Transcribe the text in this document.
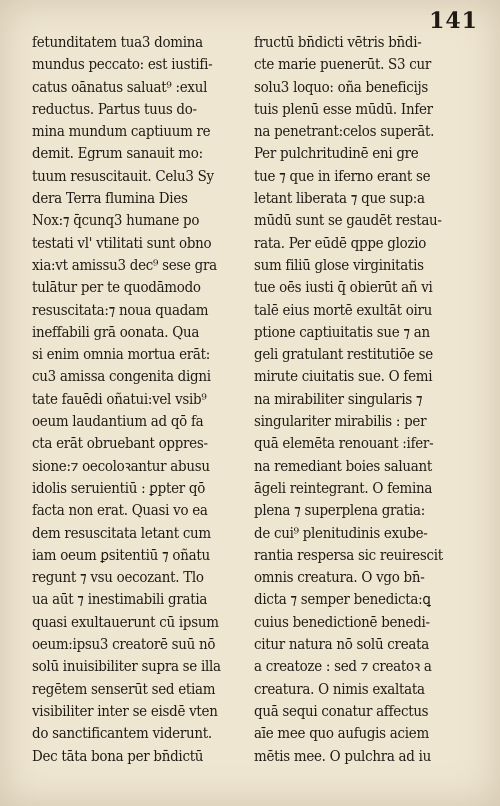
141
fetunditatem tua3 domina
mundus peccato: est iustifi-
catus oānatus saluat⁹ :exul
reductus. Partus tuus do-
mina mundum captiuum re
demit. Egrum sanauit mo:
tuum resuscitauit. Celu3 Sy
dera Terra flumina Dies
Nox:⁊ q̄cunq3 humane po
testati vl' vtilitati sunt obno
xia:vt amissu3 dec⁹ sese gra
tulātur per te quodāmodo
resuscitata:⁊ noua quadam
ineffabili grā oonata. Qua
si enim omnia mortua erāt:
cu3 amissa congenita digni
tate fauēdi oñatui:vel vsib⁹
oeum laudantium ad qō fa
cta erāt obruebant oppres-
sione:⁊ oecoloꝛantur abusu
idolis seruientiū : ꝑpter qō
facta non erat. Quasi vo ea
dem resuscitata letant cum
iam oeum ꝑsitentiū ⁊ oñatu
regunt ⁊ vsu oecozant. Tlo
ua aūt ⁊ inestimabili gratia
quasi exultauerunt cū ipsum
oeum:ipsu3 creatorē suū nō
solū inuisibiliter supra se illa
regētem senserūt sed etiam
visibiliter inter se eisdē vten
do sanctificantem viderunt.
Dec tāta bona per bn̄dictū
fructū bn̄dicti vētris bn̄di-
cte marie puenerūt. S3 cur
solu3 loquo: oña beneficijs
tuis plenū esse mūdū. Infer
na penetrant:celos superāt.
Per pulchritudinē eni gre
tue ⁊ que in iferno erant se
letant liberata ⁊ que sup:a
mūdū sunt se gaudēt restau-
rata. Per eūdē qppe glozio
sum filiū glose virginitatis
tue oēs iusti q̄ obierūt añ vi
talē eius mortē exultāt oiru
ptione captiuitatis sue ⁊ an
geli gratulant restitutiōe se
mirute ciuitatis sue. O femi
na mirabiliter singularis ⁊
singulariter mirabilis : per
quā elemēta renouant :ifer-
na remediant boies saluant
āgeli reintegrant. O femina
plena ⁊ superplena gratia:
de cui⁹ plenitudinis exube-
rantia respersa sic reuirescit
omnis creatura. O vgo bn̄-
dicta ⁊ semper benedicta:ꝗ
cuius benedictionē benedi-
citur natura nō solū creata
a creatoze : sed ⁊ creatoꝛ a
creatura. O nimis exaltata
quā sequi conatur affectus
aīe mee quo aufugis aciem
mētis mee. O pulchra ad iu
